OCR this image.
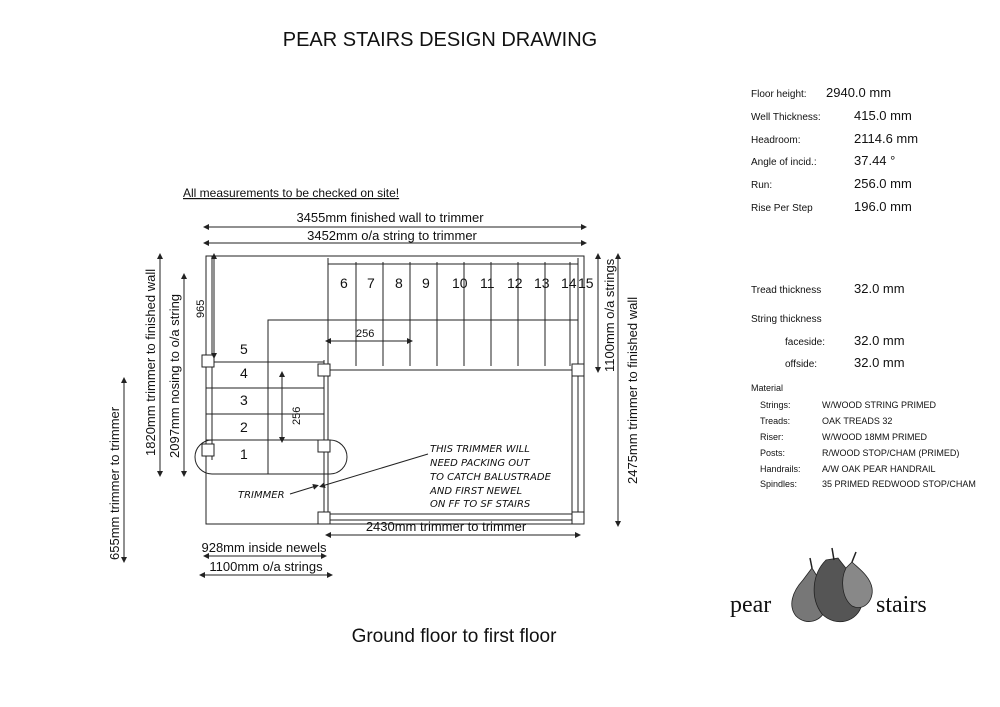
PEAR STAIRS DESIGN DRAWING
All measurements to be checked on site!
1
2
3
4
5
6 7 8 9 10 11 12 13 14 15
256
256
3455mm finished wall to trimmer
3452mm o/a string to trimmer
1820mm trimmer to finished wall 2097mm nosing to o/a string
655mm trimmer to trimmer
965	1100mm o/a strings 2475mm trimmer to finished wall
2430mm trimmer to trimmer
928mm inside newels
1100mm o/a strings
THIS TRIMMER WILL
NEED PACKING OUT
TO CATCH BALUSTRADE
AND FIRST NEWEL
ON FF TO SF STAIRS
TRIMMER
Ground floor to first floor
Floor height: 2940.0 mm
Well Thickness:	415.0 mm
Headroom:	2114.6 mm
Angle of incid.:	37.44 °
Run:	256.0 mm
Rise Per Step	196.0 mm
Tread thickness	32.0 mm
String thickness
faceside: 32.0 mm
offside:	32.0 mm
Material
Strings:	W/WOOD STRING PRIMED
Treads:	OAK TREADS 32
Riser:	W/WOOD 18MM PRIMED
Posts:	R/WOOD STOP/CHAM (PRIMED)
Handrails: A/W OAK PEAR HANDRAIL
Spindles:	35 PRIMED REDWOOD STOP/CHAM
pear	stairs
